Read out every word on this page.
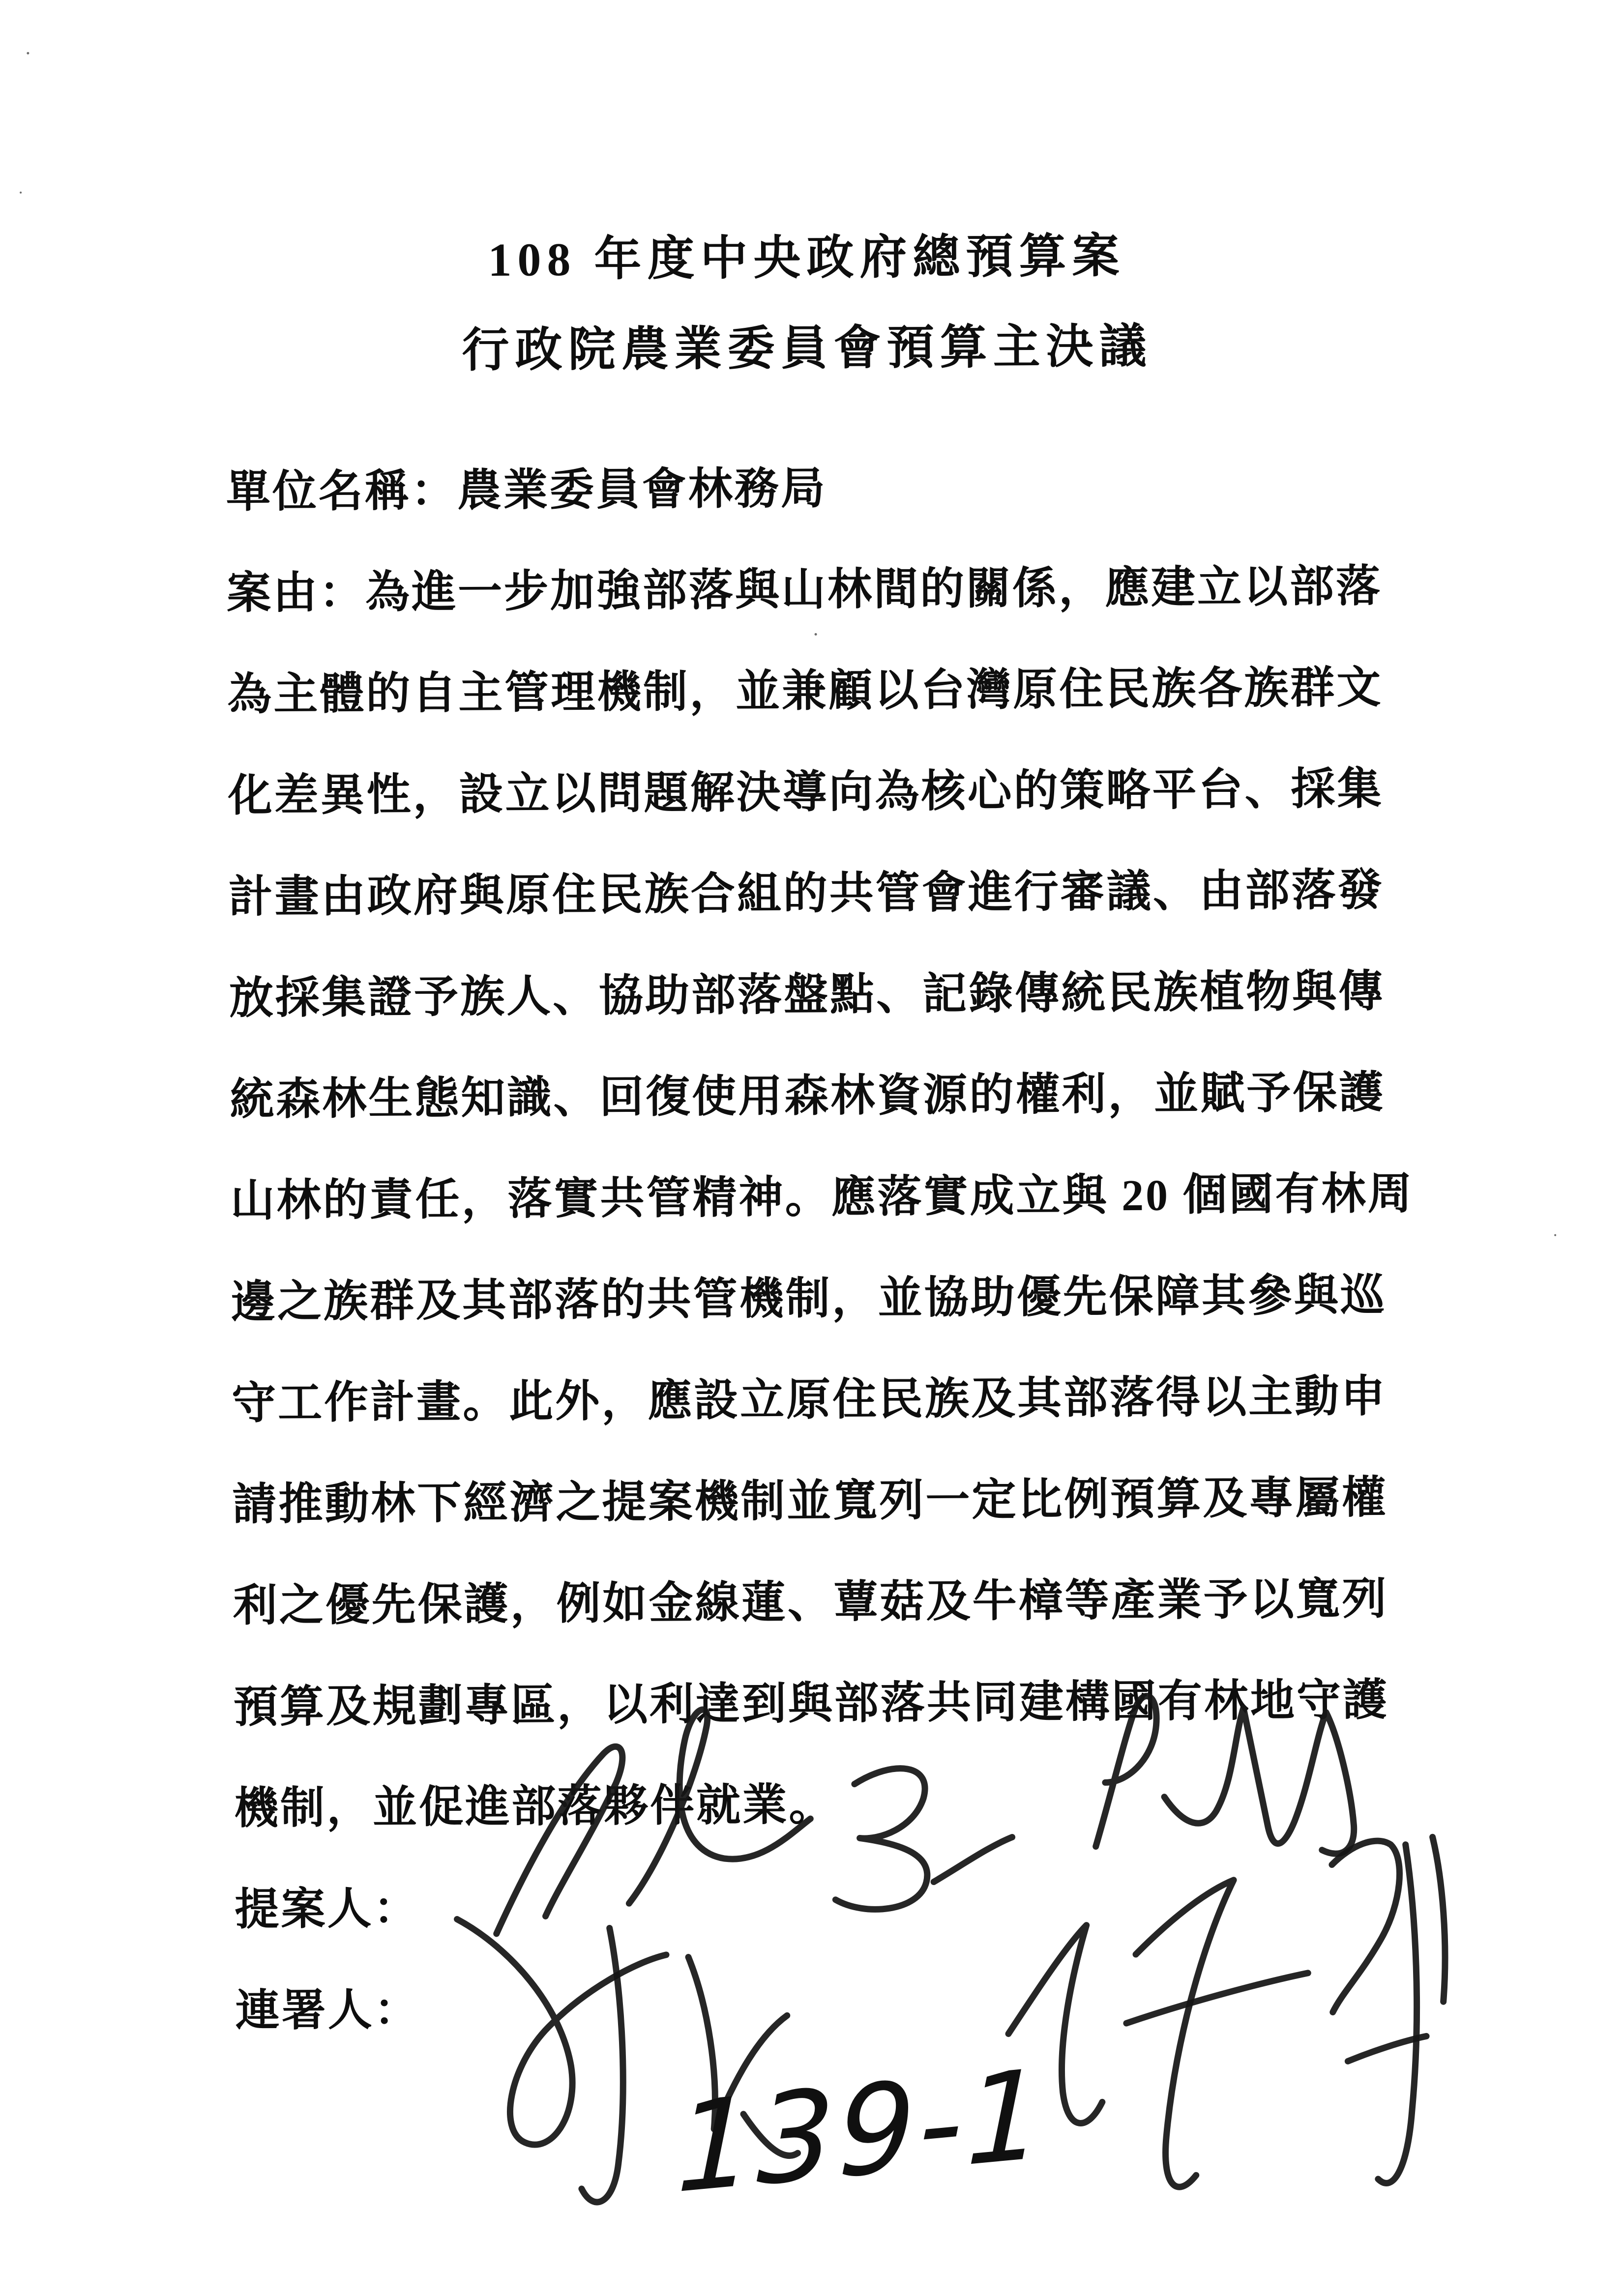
108 年度中央政府總預算案
行政院農業委員會預算主決議
單位名稱：農業委員會林務局
案由：為進一步加強部落與山林間的關係，應建立以部落
為主體的自主管理機制，並兼顧以台灣原住民族各族群文
化差異性，設立以問題解決導向為核心的策略平台、採集
計畫由政府與原住民族合組的共管會進行審議、由部落發
放採集證予族人、協助部落盤點、記錄傳統民族植物與傳
統森林生態知識、回復使用森林資源的權利，並賦予保護
山林的責任，落實共管精神。應落實成立與 20 個國有林周
邊之族群及其部落的共管機制，並協助優先保障其參與巡
守工作計畫。此外，應設立原住民族及其部落得以主動申
請推動林下經濟之提案機制並寬列一定比例預算及專屬權
利之優先保護，例如金線蓮、蕈菇及牛樟等產業予以寬列
預算及規劃專區，以利達到與部落共同建構國有林地守護
機制，並促進部落夥伴就業。
提案人：
連署人：
139-1
